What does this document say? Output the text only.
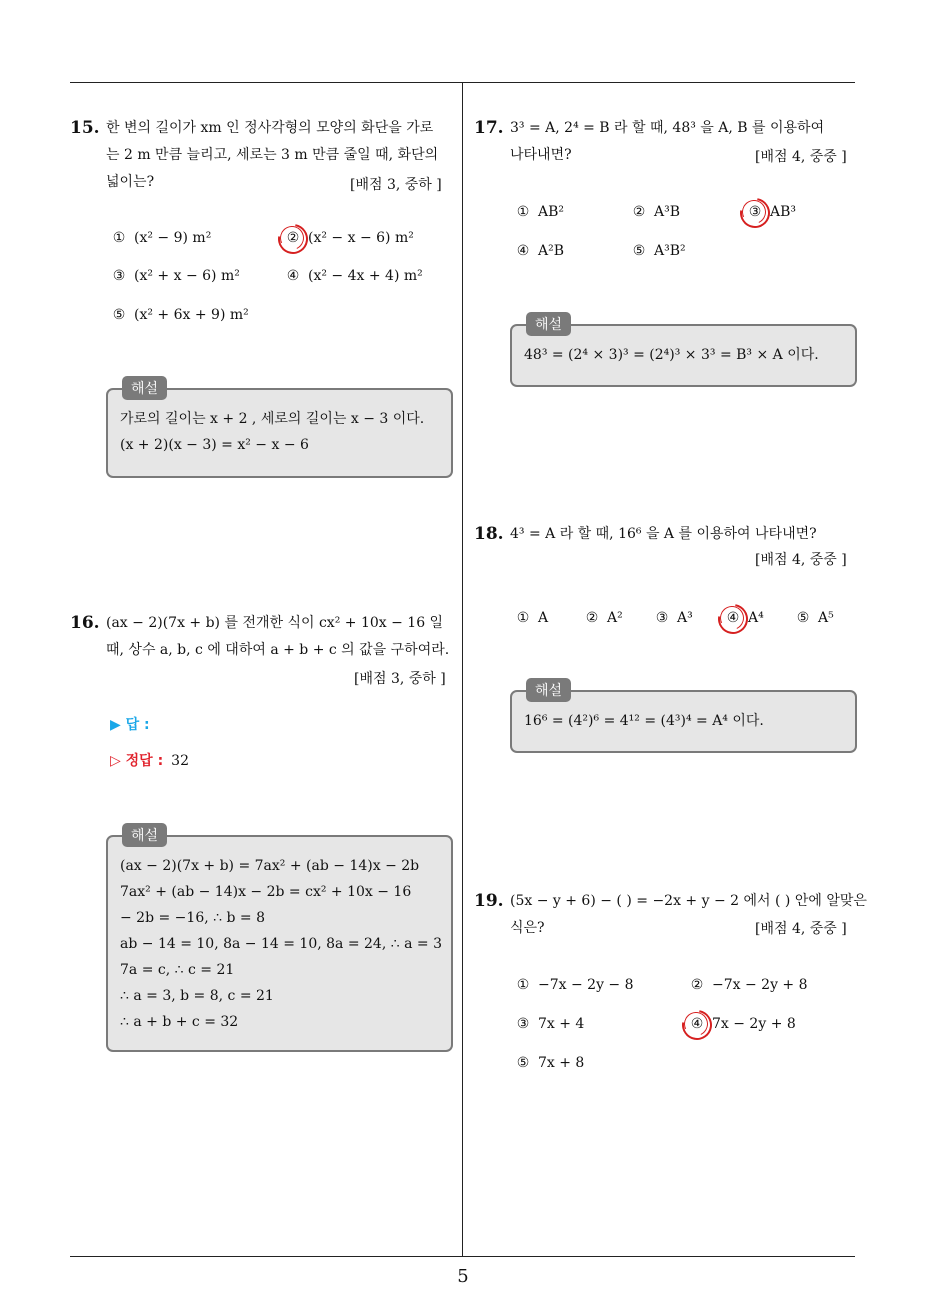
15. 한 변의 길이가 xm 인 정사각형의 모양의 화단을 가로
는 2 m 만큼 늘리고, 세로는 3 m 만큼 줄일 때, 화단의
넓이는?	[배점 3, 중하 ]
① (x² − 9) m²	② (x² − x − 6) m²
③ (x² + x − 6) m²	④ (x² − 4x + 4) m²
⑤ (x² + 6x + 9) m²
해설
가로의 길이는 x + 2 , 세로의 길이는 x − 3 이다.
(x + 2)(x − 3) = x² − x − 6
16. (ax − 2)(7x + b) 를 전개한 식이 cx² + 10x − 16 일
때, 상수 a, b, c 에 대하여 a + b + c 의 값을 구하여라.
[배점 3, 중하 ]
▶ 답 :
▷ 정답 : 32
해설
(ax − 2)(7x + b) = 7ax² + (ab − 14)x − 2b
7ax² + (ab − 14)x − 2b = cx² + 10x − 16
− 2b = −16, ∴ b = 8
ab − 14 = 10, 8a − 14 = 10, 8a = 24, ∴ a = 3
7a = c, ∴ c = 21
∴ a = 3, b = 8, c = 21
∴ a + b + c = 32
17. 3³ = A, 2⁴ = B 라 할 때, 48³ 을 A, B 를 이용하여
나타내면?	[배점 4, 중중 ]
① AB²	② A³B	③ AB³
④ A²B	⑤ A³B²
해설
48³ = (2⁴ × 3)³ = (2⁴)³ × 3³ = B³ × A 이다.
18. 4³ = A 라 할 때, 16⁶ 을 A 를 이용하여 나타내면?
[배점 4, 중중 ]
① A	② A² ③ A³ ④ A⁴ ⑤ A⁵
해설
16⁶ = (4²)⁶ = 4¹² = (4³)⁴ = A⁴ 이다.
19. (5x − y + 6) − ( ) = −2x + y − 2 에서 ( ) 안에 알맞은
식은?	[배점 4, 중중 ]
① −7x − 2y − 8	② −7x − 2y + 8
③ 7x + 4	④ 7x − 2y + 8
⑤ 7x + 8
5
